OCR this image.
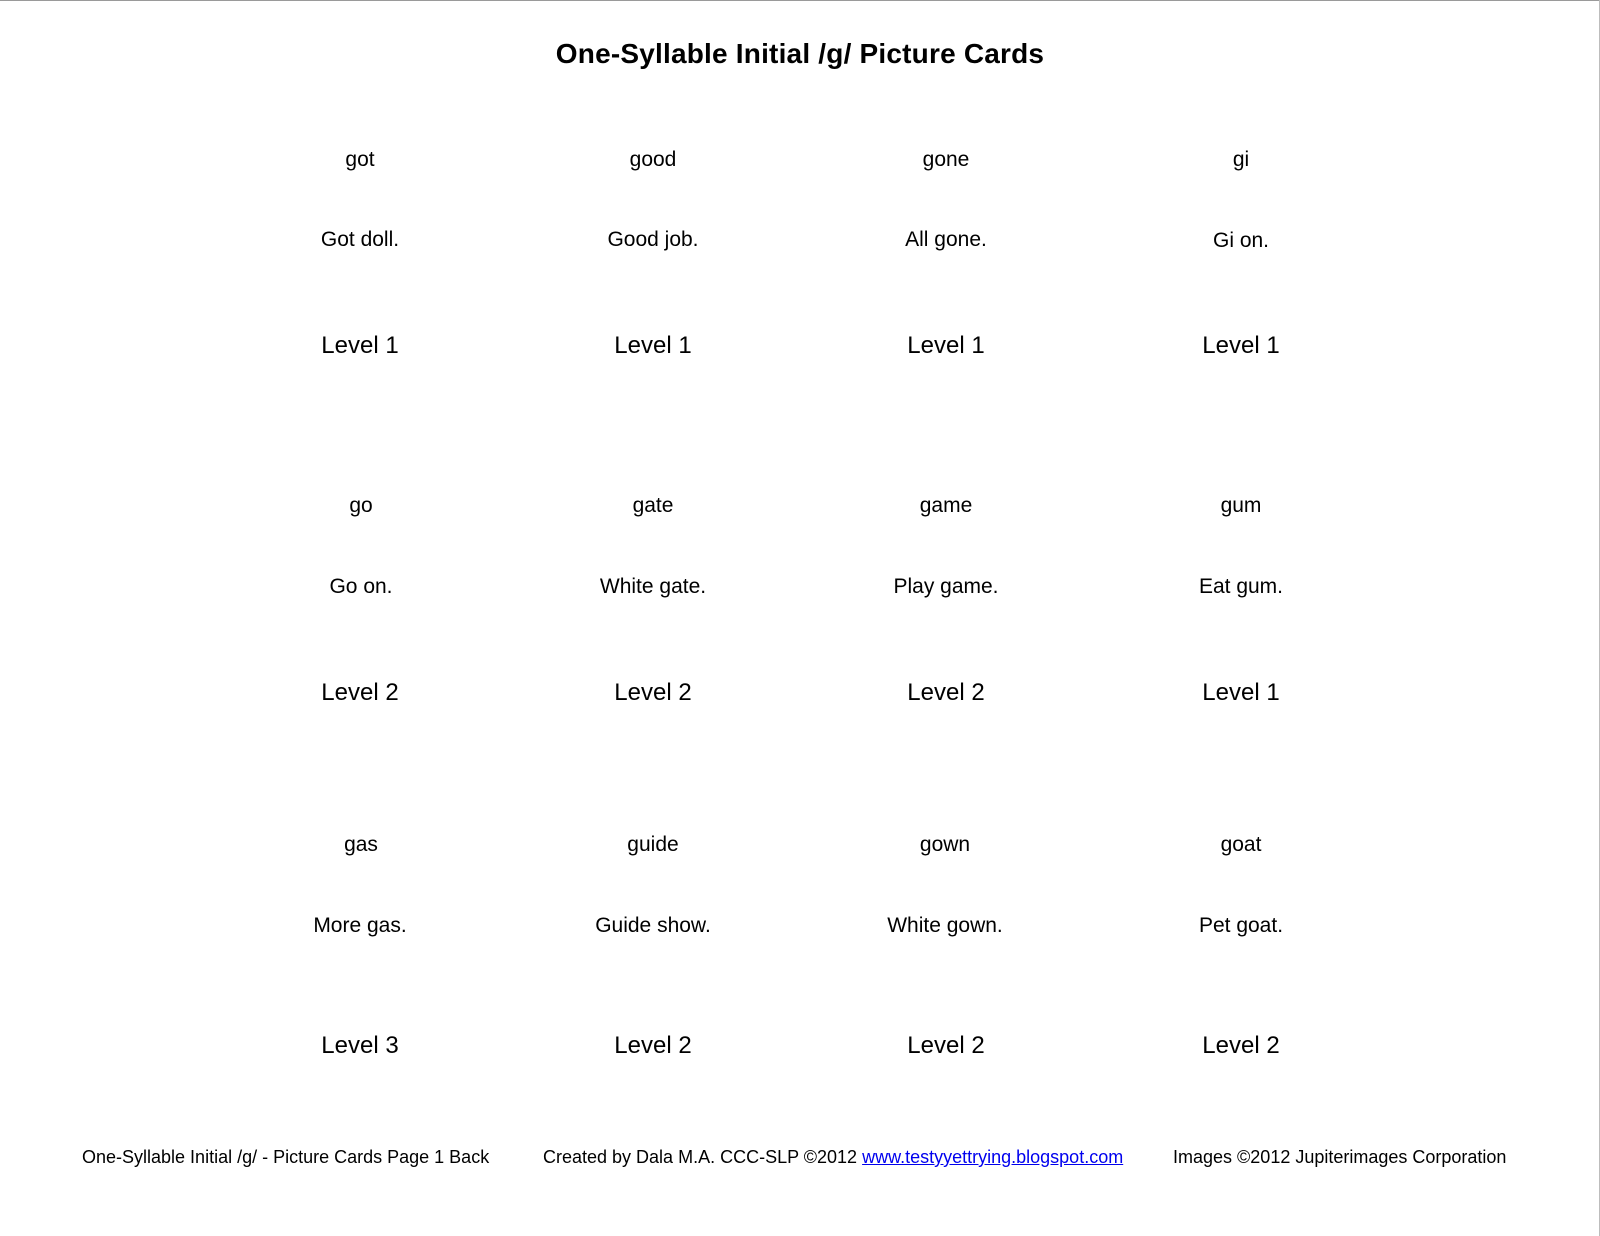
One-Syllable Initial /g/ Picture Cards
got
Got doll.
Level 1
good
Good job.
Level 1
gone
All gone.
Level 1
gi
Gi on.
Level 1
go
Go on.
Level 2
gate
White gate.
Level 2
game
Play game.
Level 2
gum
Eat gum.
Level 1
gas
More gas.
Level 3
guide
Guide show.
Level 2
gown
White gown.
Level 2
goat
Pet goat.
Level 2
One-Syllable Initial /g/ - Picture Cards Page 1 Back	Created by Dala M.A. CCC-SLP ©2012 www.testyyettrying.blogspot.com	Images ©2012 Jupiterimages Corporation
